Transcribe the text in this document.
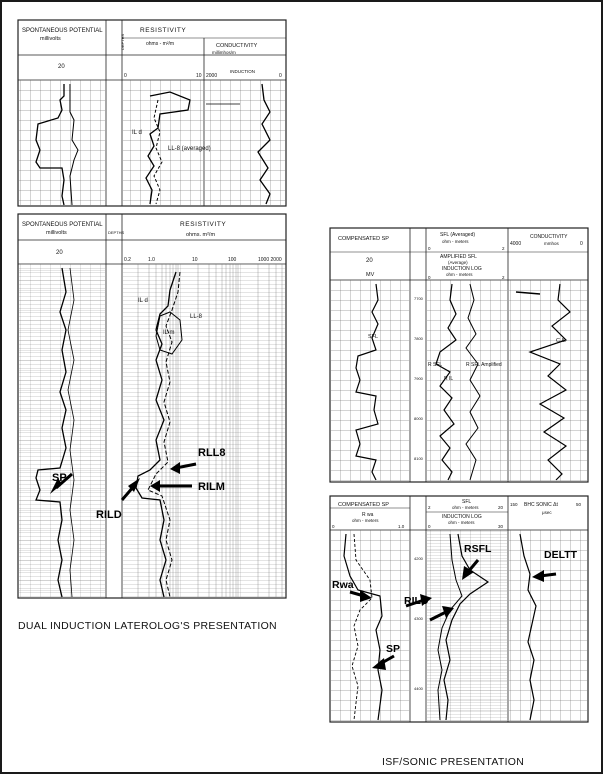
SPONTANEOUS POTENTIAL
millivolts
20
DEPTHS
RESISTIVITY
ohms - m²/m
0	10
CONDUCTIVITY
millimhos/m
INDUCTION
2000	0
IL d
LL-8 (averaged)
SPONTANEOUS POTENTIAL
millivolts
20
DEPTHS
RESISTIVITY
ohms. m²/m
0.2	1.0	10	100	1000 2000
IL d
LL-8
IL m
SP
RILD
RLL8
RILM
7700
7800
7900
8000
8100
COMPENSATED SP
20
MV
SFL (Averaged)
ohm - meters
0	2
AMPLIFIED SFL
(Average)
INDUCTION LOG
ohm - meters
0	2
CONDUCTIVITY
mmhos
4000	0
SFL
R SFL	R SFL Amplified
R IL
C IL
4200
4300
4400
COMPENSATED SP
R wa
ohm - meters
0	1.0
SFL
ohm - meters
2	20
INDUCTION LOG
ohm - meters
0	30
BHC SONIC Δt
μsec
150	50
Rwa
RILD
RSFL
SP
DELTT
DUAL INDUCTION LATEROLOG'S PRESENTATION
ISF/SONIC PRESENTATION
